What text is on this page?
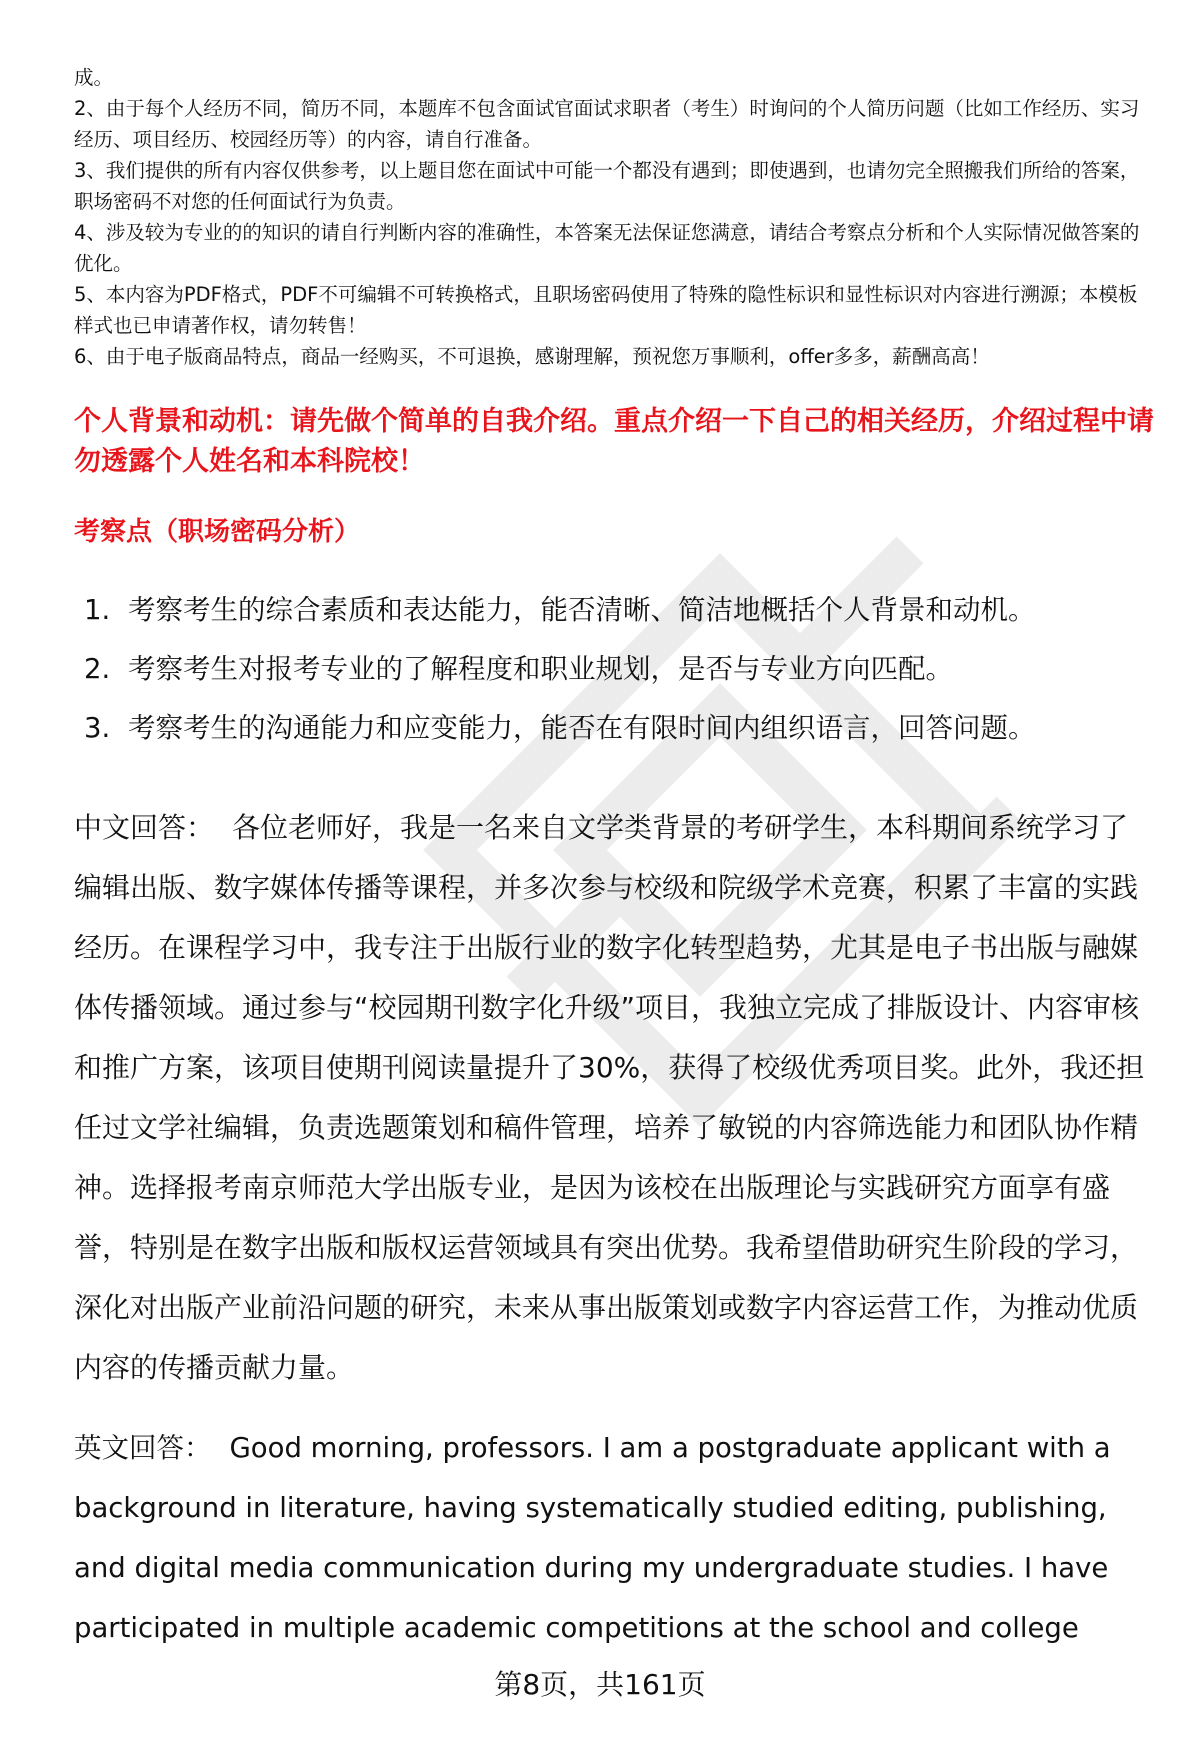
成。

2、由于每个人经历不同，简历不同，本题库不包含面试官面试求职者（考生）时询问的个人简历问题（比如工作经历、实习经历、项目经历、校园经历等）的内容，请自行准备。

3、我们提供的所有内容仅供参考，以上题目您在面试中可能一个都没有遇到；即使遇到，也请勿完全照搬我们所给的答案，职场密码不对您的任何面试行为负责。

4、涉及较为专业的的知识的请自行判断内容的准确性，本答案无法保证您满意，请结合考察点分析和个人实际情况做答案的优化。

5、本内容为PDF格式，PDF不可编辑不可转换格式，且职场密码使用了特殊的隐性标识和显性标识对内容进行溯源；本模板样式也已申请著作权，请勿转售！

6、由于电子版商品特点，商品一经购买，不可退换，感谢理解，预祝您万事顺利，offer多多，薪酬高高！

个人背景和动机：请先做个简单的自我介绍。重点介绍一下自己的相关经历，介绍过程中请勿透露个人姓名和本科院校！

考察点（职场密码分析）

1. 考察考生的综合素质和表达能力，能否清晰、简洁地概括个人背景和动机。
2. 考察考生对报考专业的了解程度和职业规划，是否与专业方向匹配。
3. 考察考生的沟通能力和应变能力，能否在有限时间内组织语言，回答问题。

中文回答： 各位老师好，我是一名来自文学类背景的考研学生，本科期间系统学习了编辑出版、数字媒体传播等课程，并多次参与校级和院级学术竞赛，积累了丰富的实践经历。在课程学习中，我专注于出版行业的数字化转型趋势，尤其是电子书出版与融媒体传播领域。通过参与“校园期刊数字化升级”项目，我独立完成了排版设计、内容审核和推广方案，该项目使期刊阅读量提升了30%，获得了校级优秀项目奖。此外，我还担任过文学社编辑，负责选题策划和稿件管理，培养了敏锐的内容筛选能力和团队协作精神。选择报考南京师范大学出版专业，是因为该校在出版理论与实践研究方面享有盛誉，特别是在数字出版和版权运营领域具有突出优势。我希望借助研究生阶段的学习，深化对出版产业前沿问题的研究，未来从事出版策划或数字内容运营工作，为推动优质内容的传播贡献力量。

英文回答： Good morning, professors. I am a postgraduate applicant with a background in literature, having systematically studied editing, publishing, and digital media communication during my undergraduate studies. I have participated in multiple academic competitions at the school and college

第8页，共161页
